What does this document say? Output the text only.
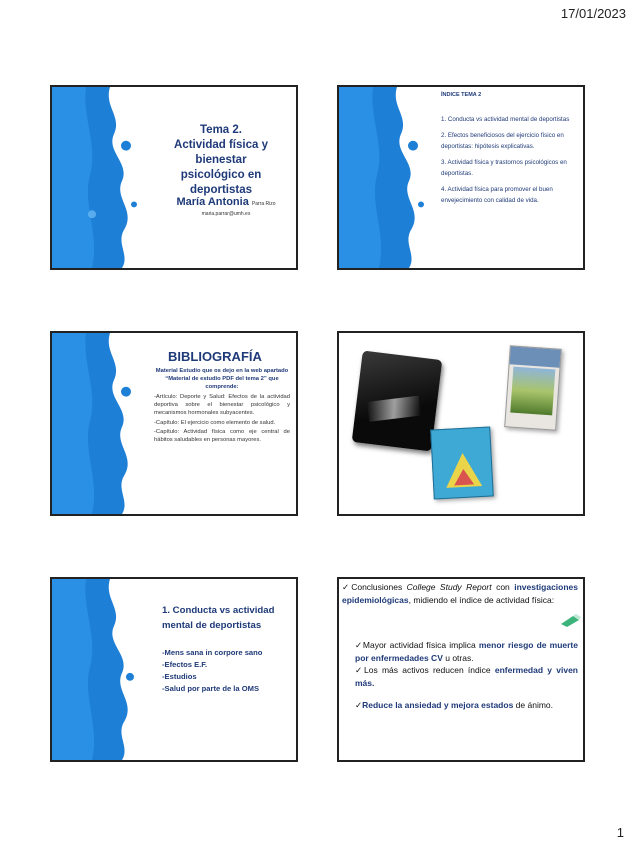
17/01/2023
Tema 2.
Actividad física y bienestar
psicológico en deportistas
María Antonia Parra Rizo
maria.parrar@umh.es
ÍNDICE TEMA 2
1. Conducta vs actividad mental de deportistas
2. Efectos beneficiosos del ejercicio físico en deportistas: hipótesis explicativas.
3. Actividad física y trastornos psicológicos en deportistas.
4. Actividad física para promover el buen envejecimiento con calidad de vida.
BIBLIOGRAFÍA
Material Estudio que os dejo en la web apartado “Material de estudio PDF del tema 2” que comprende:
-Artículo: Deporte y Salud: Efectos de la actividad deportiva sobre el bienestar psicológico y mecanismos hormonales subyacentes.
-Capítulo: El ejercicio como elemento de salud.
-Capítulo: Actividad física como eje central de hábitos saludables en personas mayores.
1. Conducta vs actividad mental de deportistas
-Mens sana in corpore sano
-Efectos E.F.
-Estudios
-Salud por parte de la OMS
✓Conclusiones College Study Report con investigaciones epidemiológicas, midiendo el índice de actividad física:
✓Mayor actividad física implica menor riesgo de muerte por enfermedades CV u otras.
✓Los más activos reducen índice enfermedad y viven más.
✓Reduce la ansiedad y mejora estados de ánimo.
1
